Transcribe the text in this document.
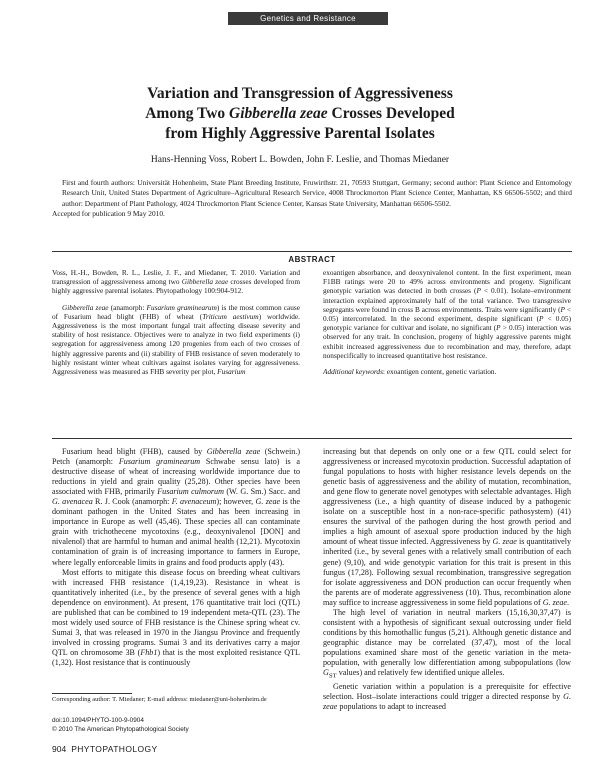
Genetics and Resistance
Variation and Transgression of Aggressiveness
Among Two Gibberella zeae Crosses Developed
from Highly Aggressive Parental Isolates
Hans-Henning Voss, Robert L. Bowden, John F. Leslie, and Thomas Miedaner

First and fourth authors: Universität Hohenheim, State Plant Breeding Institute, Fruwirthstr. 21, 70593 Stuttgart, Germany; second author: Plant Science and Entomology Research Unit, United States Department of Agriculture–Agricultural Research Service, 4008 Throckmorton Plant Science Center, Manhattan, KS 66506-5502; and third author: Department of Plant Pathology, 4024 Throckmorton Plant Science Center, Kansas State University, Manhattan 66506-5502.

Accepted for publication 9 May 2010.

ABSTRACT

Voss, H.-H., Bowden, R. L., Leslie, J. F., and Miedaner, T. 2010. Variation and transgression of aggressiveness among two Gibberella zeae crosses developed from highly aggressive parental isolates. Phytopathology 100:904-912.

Gibberella zeae (anamorph: Fusarium graminearum) is the most common cause of Fusarium head blight (FHB) of wheat (Triticum aestivum) worldwide. Aggressiveness is the most important fungal trait affecting disease severity and stability of host resistance. Objectives were to analyze in two field experiments (i) segregation for aggressiveness among 120 progenies from each of two crosses of highly aggressive parents and (ii) stability of FHB resistance of seven moderately to highly resistant winter wheat cultivars against isolates varying for aggressiveness. Aggressiveness was measured as FHB severity per plot, Fusarium

exoantigen absorbance, and deoxynivalenol content. In the first experiment, mean F1BB ratings were 20 to 49% across environments and progeny. Significant genotypic variation was detected in both crosses (P < 0.01). Isolate–environment interaction explained approximately half of the total variance. Two transgressive segregants were found in cross B across environments. Traits were significantly (P < 0.05) intercorrelated. In the second experiment, despite significant (P < 0.05) genotypic variance for cultivar and isolate, no significant (P > 0.05) interaction was observed for any trait. In conclusion, progeny of highly aggressive parents might exhibit increased aggressiveness due to recombination and may, therefore, adapt nonspecifically to increased quantitative host resistance.

Additional keywords: exoantigen content, genetic variation.

Fusarium head blight (FHB), caused by Gibberella zeae (Schwein.) Petch (anamorph: Fusarium graminearum Schwabe sensu lato) is a destructive disease of wheat of increasing worldwide importance due to reductions in yield and grain quality (25,28). Other species have been associated with FHB, primarily Fusarium culmorum (W. G. Sm.) Sacc. and G. avenacea R. J. Cook (anamorph: F. avenaceum); however, G. zeae is the dominant pathogen in the United States and has been increasing in importance in Europe as well (45,46). These species all can contaminate grain with trichothecene mycotoxins (e.g., deoxynivalenol [DON] and nivalenol) that are harmful to human and animal health (12,21). Mycotoxin contamination of grain is of increasing importance to farmers in Europe, where legally enforceable limits in grains and food products apply (43).

Most efforts to mitigate this disease focus on breeding wheat cultivars with increased FHB resistance (1,4,19,23). Resistance in wheat is quantitatively inherited (i.e., by the presence of several genes with a high dependence on environment). At present, 176 quantitative trait loci (QTL) are published that can be combined to 19 independent meta-QTL (23). The most widely used source of FHB resistance is the Chinese spring wheat cv. Sumai 3, that was released in 1970 in the Jiangsu Province and frequently involved in crossing programs. Sumai 3 and its derivatives carry a major QTL on chromosome 3B (Fhb1) that is the most exploited resistance QTL (1,32). Host resistance that is continuously

increasing but that depends on only one or a few QTL could select for aggressiveness or increased mycotoxin production. Successful adaptation of fungal populations to hosts with higher resistance levels depends on the genetic basis of aggressiveness and the ability of mutation, recombination, and gene flow to generate novel genotypes with selectable advantages. High aggressiveness (i.e., a high quantity of disease induced by a pathogenic isolate on a susceptible host in a non-race-specific pathosystem) (41) ensures the survival of the pathogen during the host growth period and implies a high amount of asexual spore production induced by the high amount of wheat tissue infected. Aggressiveness by G. zeae is quantitatively inherited (i.e., by several genes with a relatively small contribution of each gene) (9,10), and wide genotypic variation for this trait is present in this fungus (17,28). Following sexual recombination, transgressive segregation for isolate aggressiveness and DON production can occur frequently when the parents are of moderate aggressiveness (10). Thus, recombination alone may suffice to increase aggressiveness in some field populations of G. zeae.

The high level of variation in neutral markers (15,16,30,37,47) is consistent with a hypothesis of significant sexual outcrossing under field conditions by this homothallic fungus (5,21). Although genetic distance and geographic distance may be correlated (37,47), most of the local populations examined share most of the genetic variation in the meta-population, with generally low differentiation among subpopulations (low $G_{ST}$ values) and relatively few identified unique alleles.

Genetic variation within a population is a prerequisite for effective selection. Host–isolate interactions could trigger a directed response by G. zeae populations to adapt to increased

Corresponding author: T. Miedaner; E-mail address: miedaner@uni-hohenheim.de

doi:10.1094/PHYTO-100-9-0904

© 2010 The American Phytopathological Society

904 PHYTOPATHOLOGY
